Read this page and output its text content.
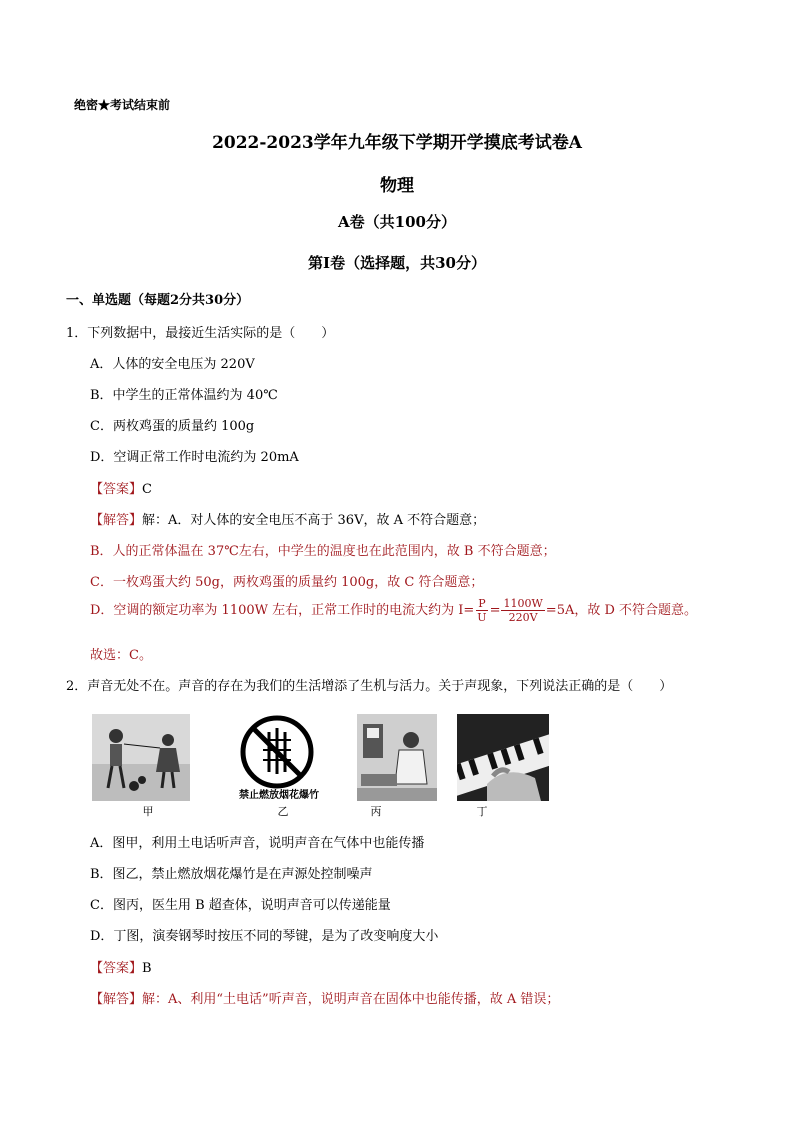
绝密★考试结束前
2022-2023学年九年级下学期开学摸底考试卷A
物理
A卷（共100分）
第Ⅰ卷（选择题，共30分）
一、单选题（每题2分共30分）
1．下列数据中，最接近生活实际的是（　　）
A．人体的安全电压为 220V
B．中学生的正常体温约为 40℃
C．两枚鸡蛋的质量约 100g
D．空调正常工作时电流约为 20mA
【答案】C
【解答】解：A．对人体的安全电压不高于 36V，故 A 不符合题意；
B．人的正常体温在 37℃左右，中学生的温度也在此范围内，故 B 不符合题意；
C．一枚鸡蛋大约 50g，两枚鸡蛋的质量约 100g，故 C 符合题意；
D．空调的额定功率为 1100W 左右，正常工作时的电流大约为 $I= \frac{P}{U} = \frac{1100W}{220V} =5A$，故 D 不符合题意。
故选：C。
2．声音无处不在。声音的存在为我们的生活增添了生机与活力。关于声现象，下列说法正确的是（　　）
甲
禁止燃放烟花爆竹
乙	丙	丁
A．图甲，利用土电话听声音，说明声音在气体中也能传播
B．图乙，禁止燃放烟花爆竹是在声源处控制噪声
C．图丙，医生用 B 超查体，说明声音可以传递能量
D．丁图，演奏钢琴时按压不同的琴键，是为了改变响度大小
【答案】B
【解答】解：A、利用“土电话”听声音，说明声音在固体中也能传播，故 A 错误；
